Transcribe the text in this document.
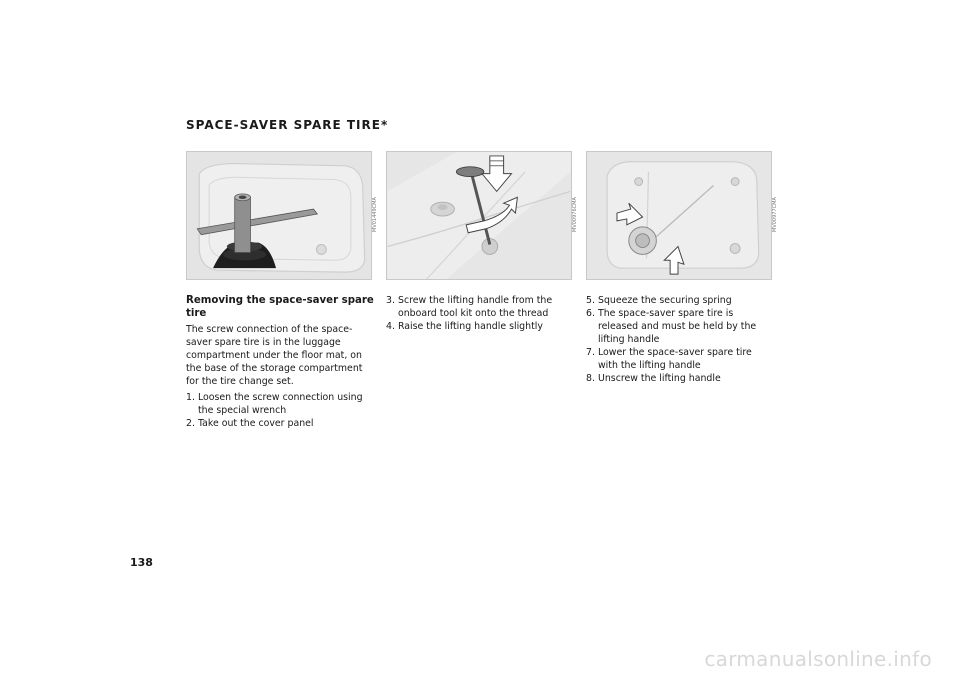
SPACE-SAVER SPARE TIRE*
MV01449CMA	MV00976CMA	MV00977CMA

Removing the space-saver spare tire

The screw connection of the space-saver spare tire is in the luggage compartment under the floor mat, on the base of the storage compartment for the tire change set.

1. Loosen the screw connection using the special wrench
2. Take out the cover panel
3. Screw the lifting handle from the onboard tool kit onto the thread
4. Raise the lifting handle slightly
5. Squeeze the securing spring
6. The space-saver spare tire is released and must be held by the lifting handle
7. Lower the space-saver spare tire with the lifting handle
8. Unscrew the lifting handle
138
carmanualsonline.info
